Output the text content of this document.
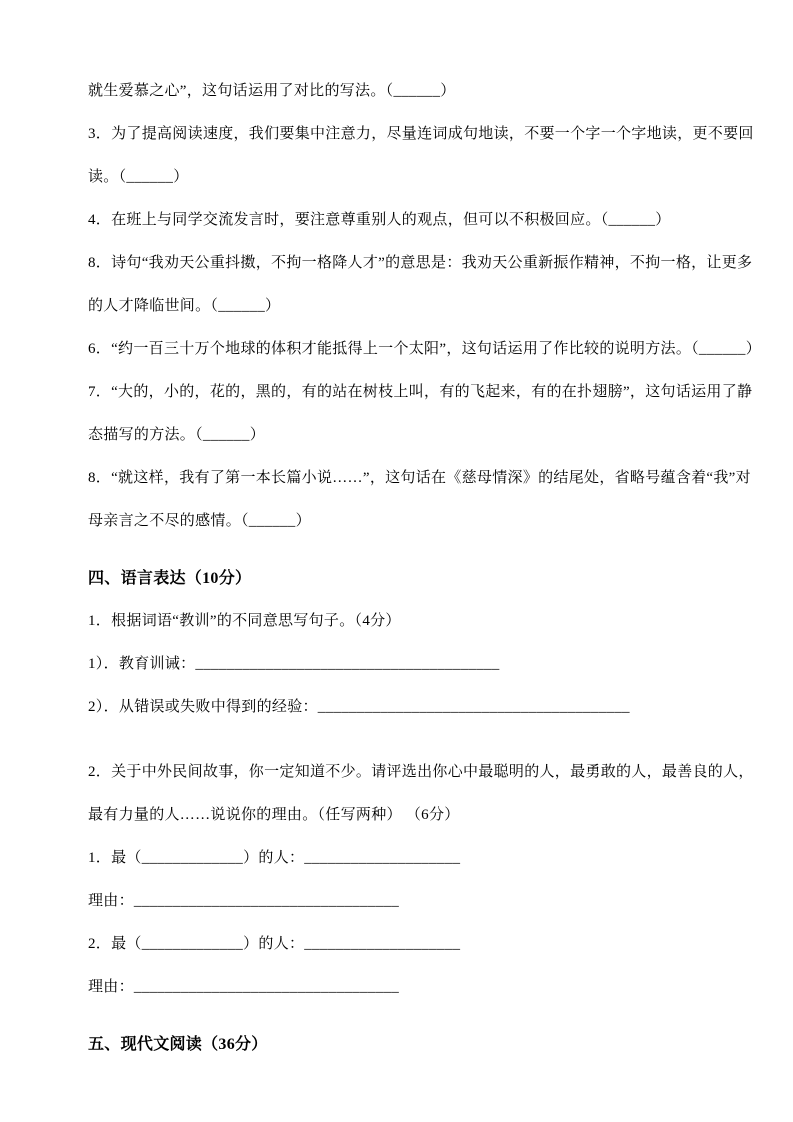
就生爱慕之心”，这句话运用了对比的写法。（______）
3．为了提高阅读速度，我们要集中注意力，尽量连词成句地读，不要一个字一个字地读，更不要回
读。（______）
4．在班上与同学交流发言时，要注意尊重别人的观点，但可以不积极回应。（______）
8．诗句“我劝天公重抖擞，不拘一格降人才”的意思是：我劝天公重新振作精神，不拘一格，让更多
的人才降临世间。（______）
6．“约一百三十万个地球的体积才能抵得上一个太阳”，这句话运用了作比较的说明方法。（______）
7．“大的，小的，花的，黑的，有的站在树枝上叫，有的飞起来，有的在扑翅膀”，这句话运用了静
态描写的方法。（______）
8．“就这样，我有了第一本长篇小说……”，这句话在《慈母情深》的结尾处，省略号蕴含着“我”对
母亲言之不尽的感情。（______）
四、语言表达（10分）
1．根据词语“教训”的不同意思写句子。（4分）
1）．教育训诫：_______________________________________
2）．从错误或失败中得到的经验：________________________________________
2．关于中外民间故事，你一定知道不少。请评选出你心中最聪明的人，最勇敢的人，最善良的人，
最有力量的人……说说你的理由。（任写两种） （6分）
1．最（_____________）的人：____________________
理由：__________________________________
2．最（_____________）的人：____________________
理由：__________________________________
五、现代文阅读（36分）
